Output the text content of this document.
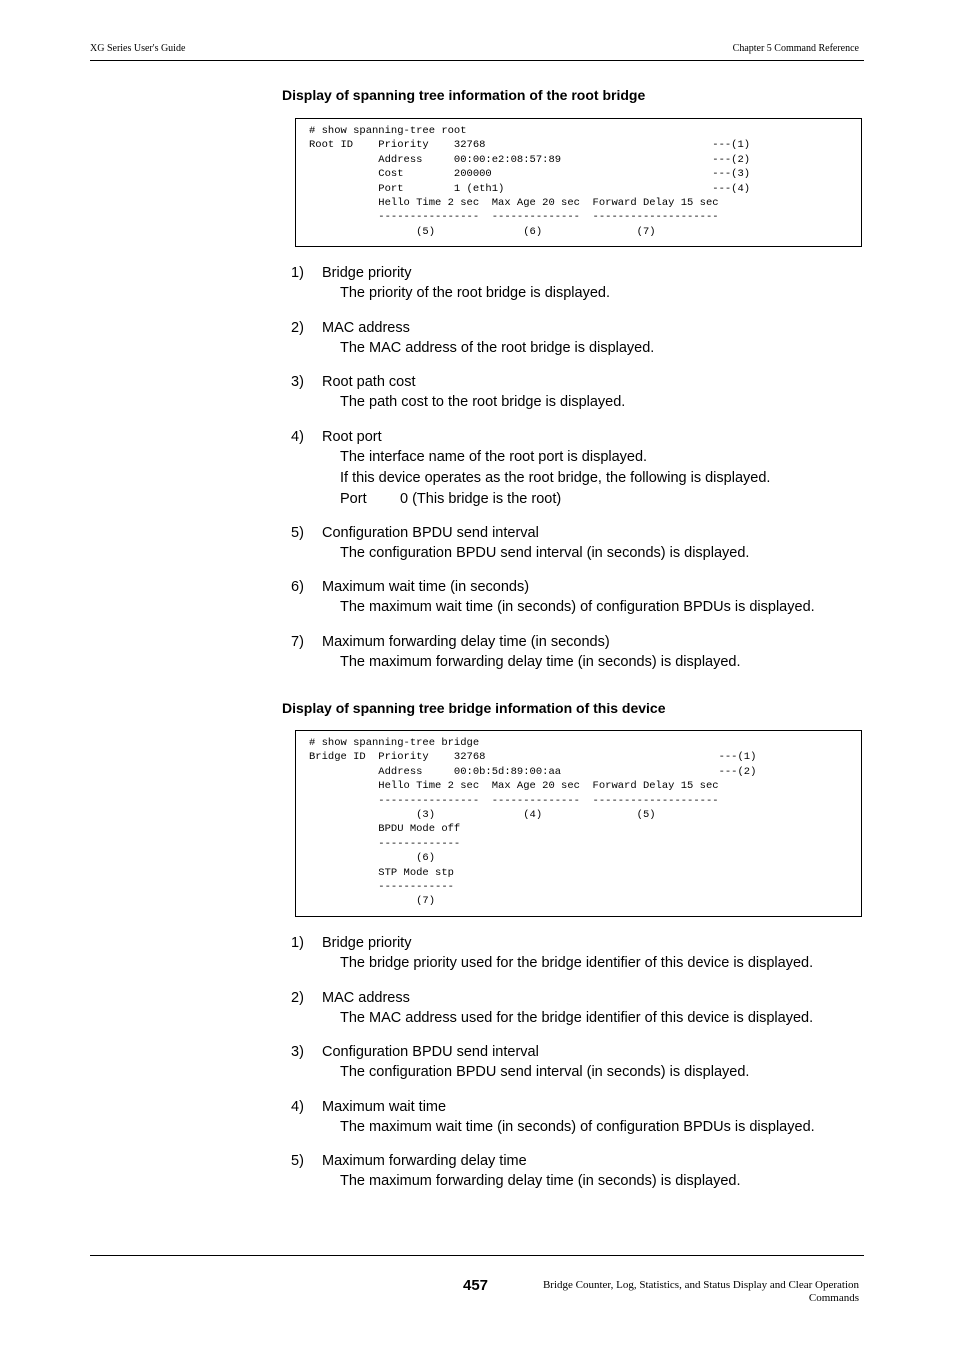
XG Series User's Guide	Chapter 5 Command Reference
Display of spanning tree information of the root bridge
# show spanning-tree root
Root ID    Priority    32768                                    ---(1)
Address     00:00:e2:08:57:89                        ---(2)
Cost        200000                                   ---(3)
Port        1 (eth1)                                 ---(4)
Hello Time 2 sec  Max Age 20 sec  Forward Delay 15 sec
----------------  --------------  --------------------
(5)              (6)               (7)
1) Bridge priority
The priority of the root bridge is displayed.
2) MAC address
The MAC address of the root bridge is displayed.
3) Root path cost
The path cost to the root bridge is displayed.
4) Root port
The interface name of the root port is displayed.
If this device operates as the root bridge, the following is displayed.
Port 0 (This bridge is the root)
5) Configuration BPDU send interval
The configuration BPDU send interval (in seconds) is displayed.
6) Maximum wait time (in seconds)
The maximum wait time (in seconds) of configuration BPDUs is displayed.
7) Maximum forwarding delay time (in seconds)
The maximum forwarding delay time (in seconds) is displayed.
Display of spanning tree bridge information of this device
# show spanning-tree bridge
Bridge ID  Priority    32768                                     ---(1)
Address     00:0b:5d:89:00:aa                         ---(2)
Hello Time 2 sec  Max Age 20 sec  Forward Delay 15 sec
----------------  --------------  --------------------
(3)              (4)               (5)
BPDU Mode off
-------------
(6)
STP Mode stp
------------
(7)
1) Bridge priority
The bridge priority used for the bridge identifier of this device is displayed.
2) MAC address
The MAC address used for the bridge identifier of this device is displayed.
3) Configuration BPDU send interval
The configuration BPDU send interval (in seconds) is displayed.
4) Maximum wait time
The maximum wait time (in seconds) of configuration BPDUs is displayed.
5) Maximum forwarding delay time
The maximum forwarding delay time (in seconds) is displayed.
457	Bridge Counter, Log, Statistics, and Status Display and Clear Operation
Commands
